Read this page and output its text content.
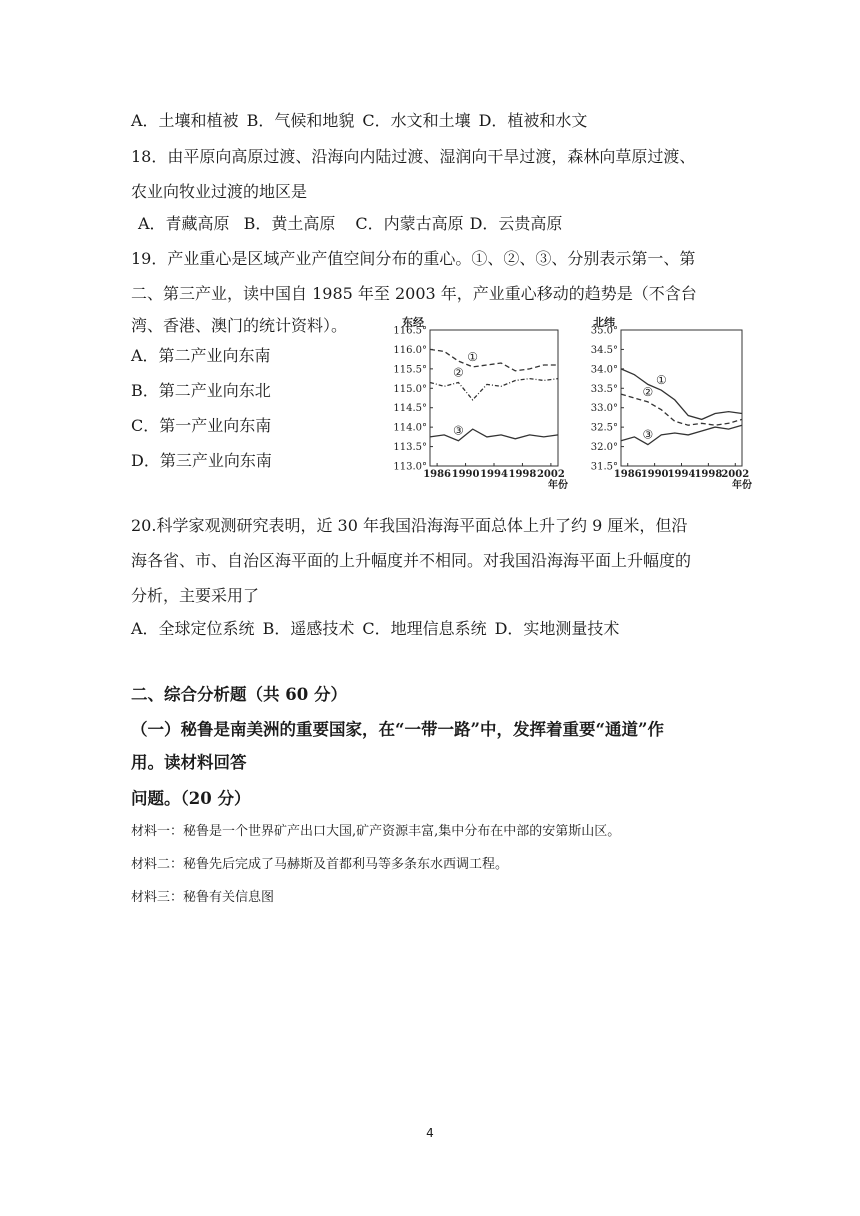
A．土壤和植被 B．气候和地貌 C．水文和土壤 D．植被和水文
18．由平原向高原过渡、沿海向内陆过渡、湿润向干旱过渡，森林向草原过渡、
农业向牧业过渡的地区是
A．青藏高原 B．黄土高原 C．内蒙古高原 D．云贵高原
19．产业重心是区域产业产值空间分布的重心。①、②、③、分别表示第一、第
二、第三产业，读中国自 1985 年至 2003 年，产业重心移动的趋势是（不含台
湾、香港、澳门的统计资料）。
A．第二产业向东南
B．第二产业向东北
C．第一产业向东南
D．第三产业向东南
东经
116.5°
116.0°
115.5°
115.0°
114.5°
114.0°
113.5°
113.0°
1986 1990 1994 1998 2002
年份
①
②
③
北纬
35.0°
34.5°
34.0°
33.5°
33.0°
32.5°
32.0°
31.5°
1986 1990 1994 1998 2002
年份
①
②
③
20.科学家观测研究表明，近 30 年我国沿海海平面总体上升了约 9 厘米，但沿
海各省、市、自治区海平面的上升幅度并不相同。对我国沿海海平面上升幅度的
分析，主要采用了
A．全球定位系统 B．遥感技术 C．地理信息系统 D．实地测量技术
二、综合分析题（共 60 分）
（一）秘鲁是南美洲的重要国家，在“一带一路”中，发挥着重要“通道”作
用。读材料回答
问题。（20 分）
材料一：秘鲁是一个世界矿产出口大国,矿产资源丰富,集中分布在中部的安第斯山区。
材料二：秘鲁先后完成了马赫斯及首都利马等多条东水西调工程。
材料三：秘鲁有关信息图
4
